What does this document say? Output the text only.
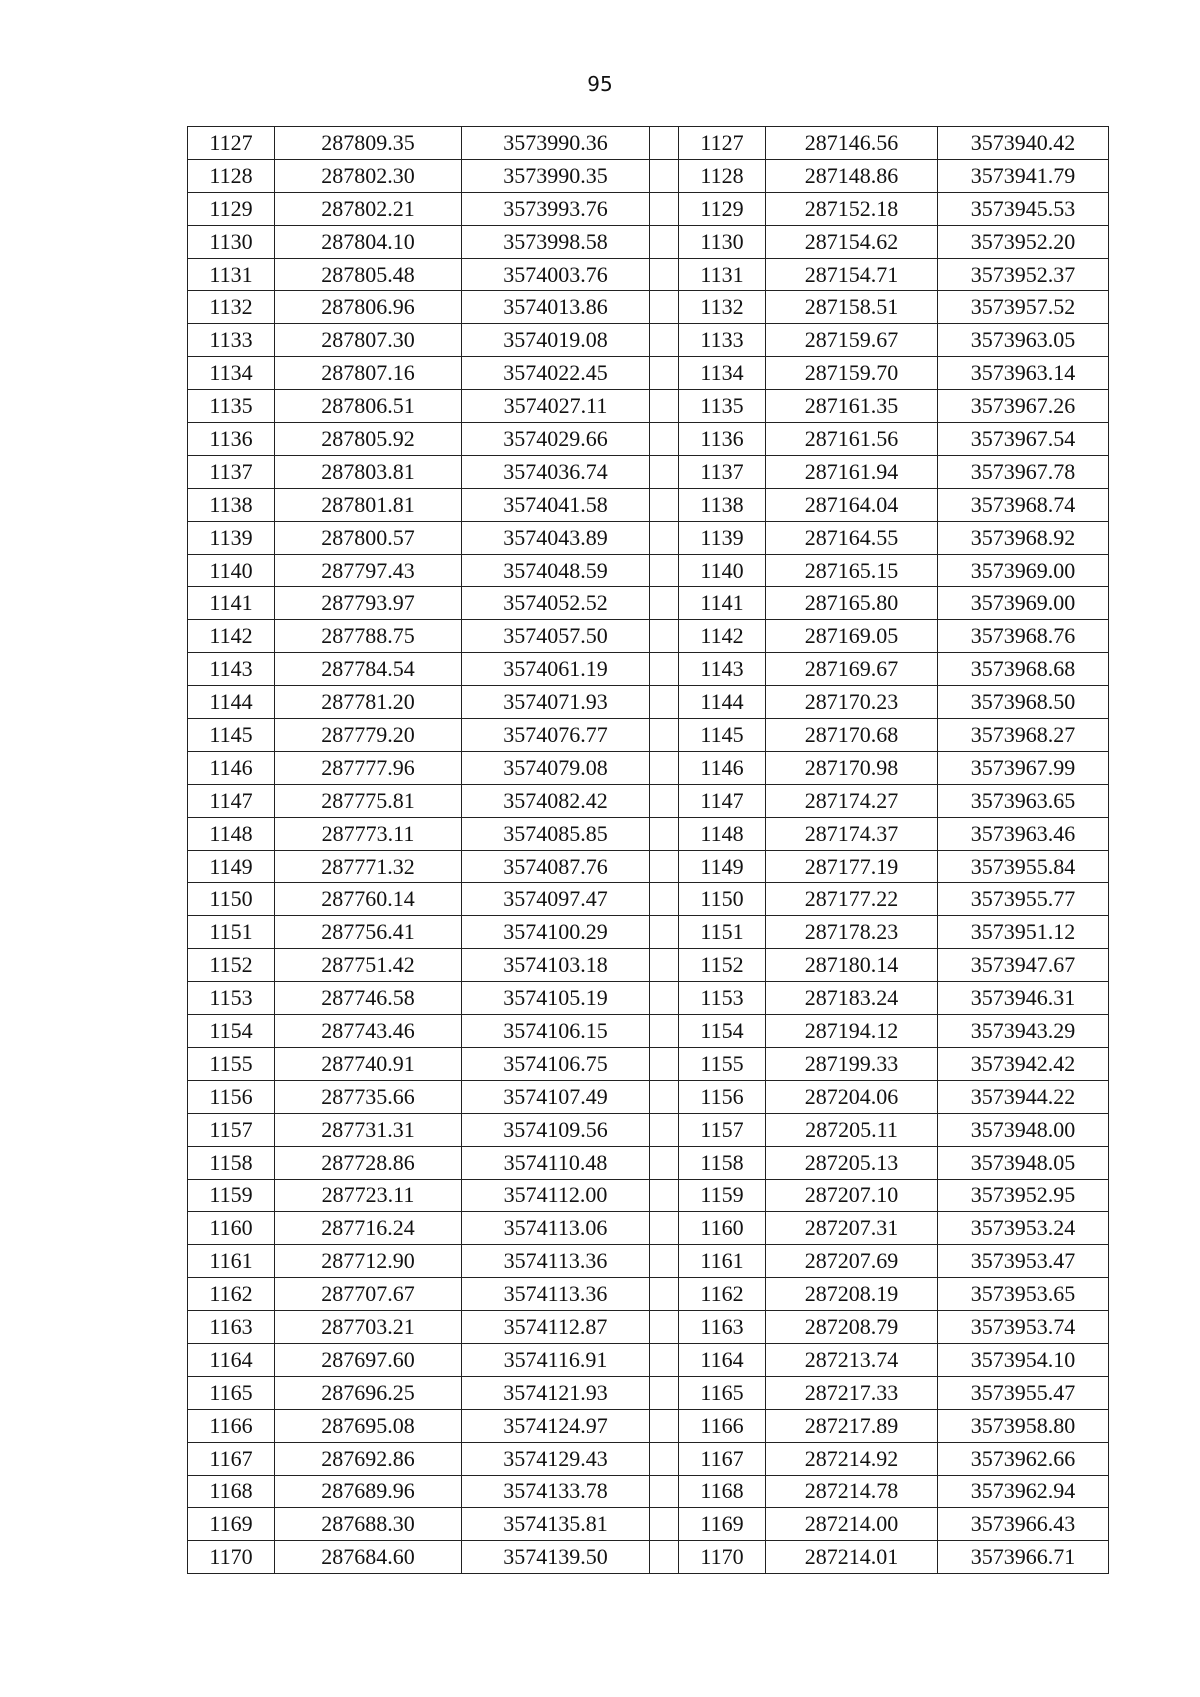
95
1127	287809.35	3573990.36		1127	287146.56	3573940.42
1128	287802.30	3573990.35		1128	287148.86	3573941.79
1129	287802.21	3573993.76		1129	287152.18	3573945.53
1130	287804.10	3573998.58		1130	287154.62	3573952.20
1131	287805.48	3574003.76		1131	287154.71	3573952.37
1132	287806.96	3574013.86		1132	287158.51	3573957.52
1133	287807.30	3574019.08		1133	287159.67	3573963.05
1134	287807.16	3574022.45		1134	287159.70	3573963.14
1135	287806.51	3574027.11		1135	287161.35	3573967.26
1136	287805.92	3574029.66		1136	287161.56	3573967.54
1137	287803.81	3574036.74		1137	287161.94	3573967.78
1138	287801.81	3574041.58		1138	287164.04	3573968.74
1139	287800.57	3574043.89		1139	287164.55	3573968.92
1140	287797.43	3574048.59		1140	287165.15	3573969.00
1141	287793.97	3574052.52		1141	287165.80	3573969.00
1142	287788.75	3574057.50		1142	287169.05	3573968.76
1143	287784.54	3574061.19		1143	287169.67	3573968.68
1144	287781.20	3574071.93		1144	287170.23	3573968.50
1145	287779.20	3574076.77		1145	287170.68	3573968.27
1146	287777.96	3574079.08		1146	287170.98	3573967.99
1147	287775.81	3574082.42		1147	287174.27	3573963.65
1148	287773.11	3574085.85		1148	287174.37	3573963.46
1149	287771.32	3574087.76		1149	287177.19	3573955.84
1150	287760.14	3574097.47		1150	287177.22	3573955.77
1151	287756.41	3574100.29		1151	287178.23	3573951.12
1152	287751.42	3574103.18		1152	287180.14	3573947.67
1153	287746.58	3574105.19		1153	287183.24	3573946.31
1154	287743.46	3574106.15		1154	287194.12	3573943.29
1155	287740.91	3574106.75		1155	287199.33	3573942.42
1156	287735.66	3574107.49		1156	287204.06	3573944.22
1157	287731.31	3574109.56		1157	287205.11	3573948.00
1158	287728.86	3574110.48		1158	287205.13	3573948.05
1159	287723.11	3574112.00		1159	287207.10	3573952.95
1160	287716.24	3574113.06		1160	287207.31	3573953.24
1161	287712.90	3574113.36		1161	287207.69	3573953.47
1162	287707.67	3574113.36		1162	287208.19	3573953.65
1163	287703.21	3574112.87		1163	287208.79	3573953.74
1164	287697.60	3574116.91		1164	287213.74	3573954.10
1165	287696.25	3574121.93		1165	287217.33	3573955.47
1166	287695.08	3574124.97		1166	287217.89	3573958.80
1167	287692.86	3574129.43		1167	287214.92	3573962.66
1168	287689.96	3574133.78		1168	287214.78	3573962.94
1169	287688.30	3574135.81		1169	287214.00	3573966.43
1170	287684.60	3574139.50		1170	287214.01	3573966.71
